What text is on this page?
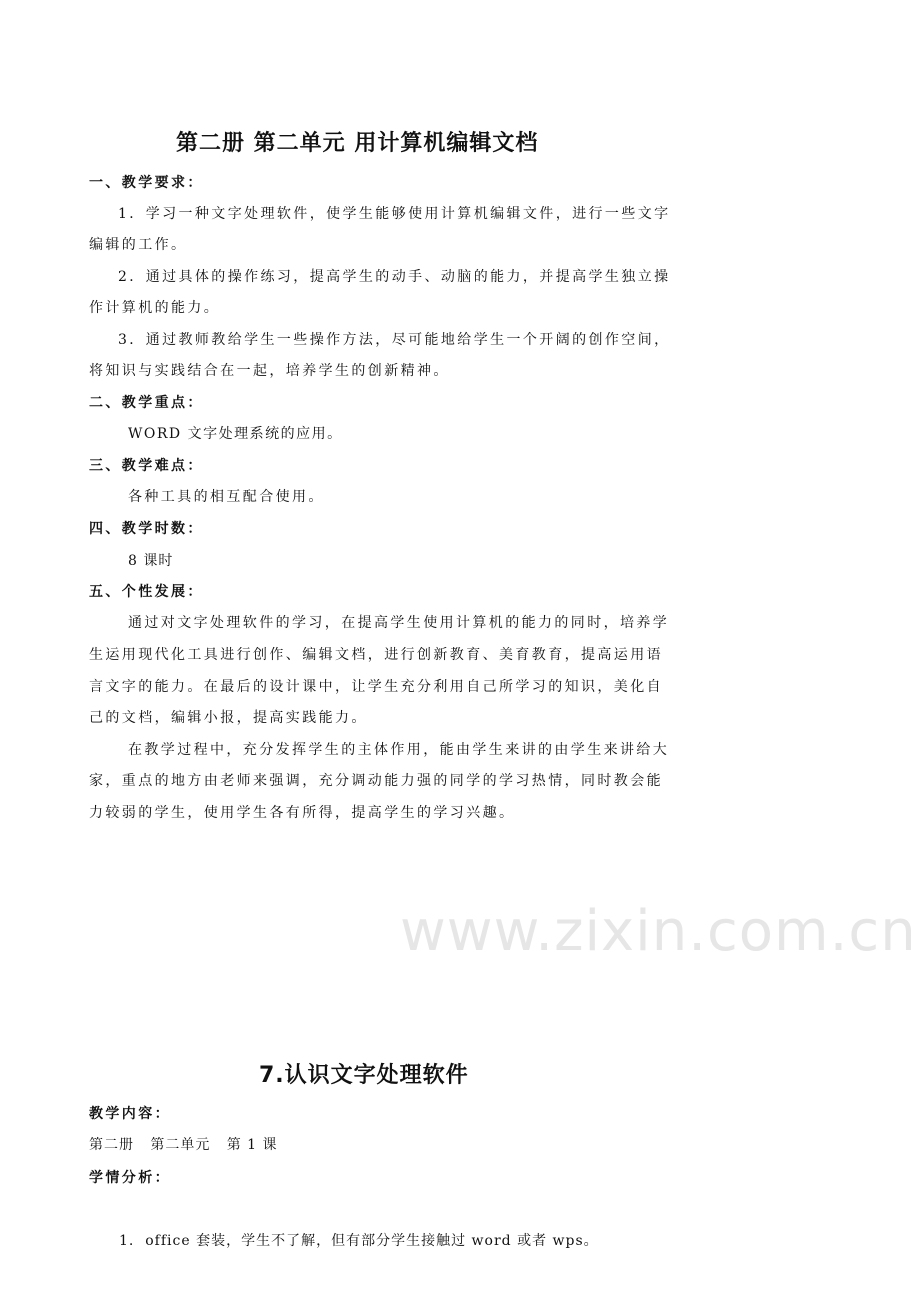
www.zixin.com.cn
第二册 第二单元 用计算机编辑文档
一、教学要求：
1．学习一种文字处理软件，使学生能够使用计算机编辑文件，进行一些文字
编辑的工作。
2．通过具体的操作练习，提高学生的动手、动脑的能力，并提高学生独立操
作计算机的能力。
3．通过教师教给学生一些操作方法，尽可能地给学生一个开阔的创作空间，
将知识与实践结合在一起，培养学生的创新精神。
二、教学重点：
WORD 文字处理系统的应用。
三、教学难点：
各种工具的相互配合使用。
四、教学时数：
8 课时
五、个性发展：
通过对文字处理软件的学习，在提高学生使用计算机的能力的同时，培养学
生运用现代化工具进行创作、编辑文档，进行创新教育、美育教育，提高运用语
言文字的能力。在最后的设计课中，让学生充分利用自己所学习的知识，美化自
己的文档，编辑小报，提高实践能力。
在教学过程中，充分发挥学生的主体作用，能由学生来讲的由学生来讲给大
家，重点的地方由老师来强调，充分调动能力强的同学的学习热情，同时教会能
力较弱的学生，使用学生各有所得，提高学生的学习兴趣。
7.认识文字处理软件
教学内容：
第二册   第二单元   第 1 课
学情分析：
1.  office 套装，学生不了解，但有部分学生接触过 word 或者 wps。
